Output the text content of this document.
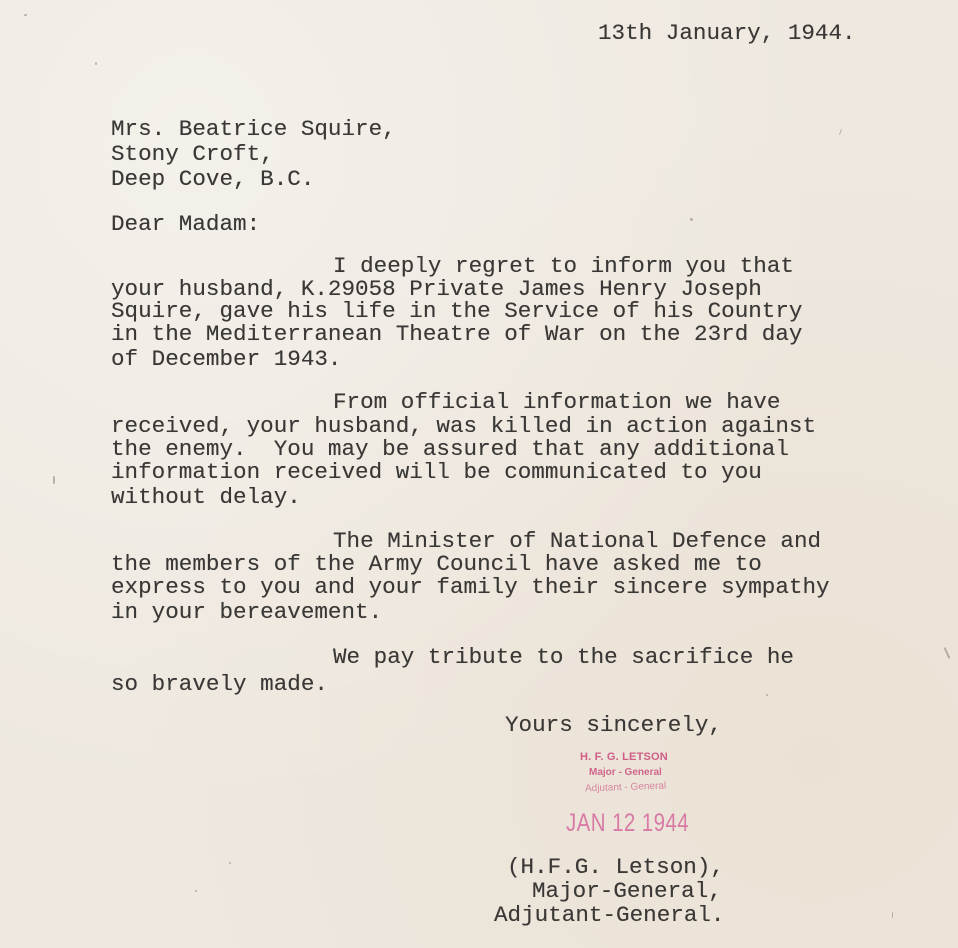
13th January, 1944.
Mrs. Beatrice Squire,
Stony Croft,
Deep Cove, B.C.
Dear Madam:
I deeply regret to inform you that
your husband, K.29058 Private James Henry Joseph
Squire, gave his life in the Service of his Country
in the Mediterranean Theatre of War on the 23rd day
of December 1943.
From official information we have
received, your husband, was killed in action against
the enemy.  You may be assured that any additional
information received will be communicated to you
without delay.
The Minister of National Defence and
the members of the Army Council have asked me to
express to you and your family their sincere sympathy
in your bereavement.
We pay tribute to the sacrifice he
so bravely made.
Yours sincerely,
H. F. G. LETSON
Major - General
Adjutant - General
JAN 12 1944
(H.F.G. Letson),
Major-General,
Adjutant-General.
